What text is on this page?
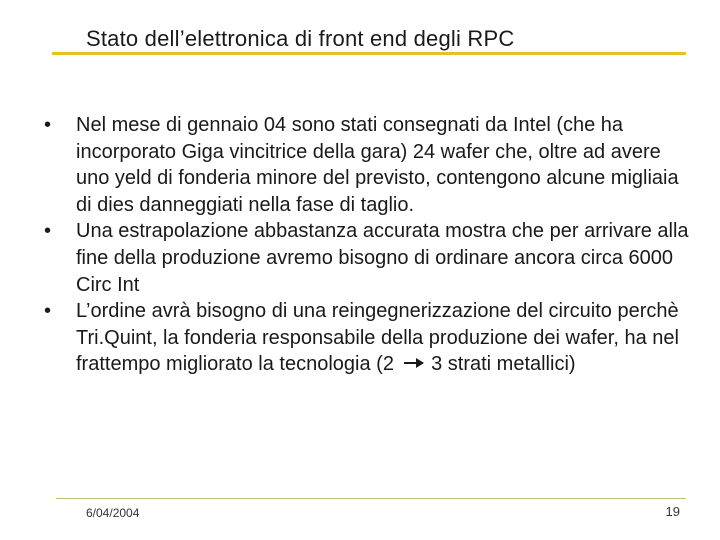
Stato dell’elettronica di front end degli RPC
• Nel mese di gennaio 04 sono stati consegnati da Intel (che ha incorporato Giga vincitrice della gara) 24 wafer che, oltre ad avere uno yeld di fonderia minore del previsto, contengono alcune migliaia di dies danneggiati nella fase di taglio.
• Una estrapolazione abbastanza accurata mostra che per arrivare alla fine della produzione avremo bisogno di ordinare ancora circa 6000 Circ Int
• L’ordine avrà bisogno di una reingegnerizzazione del circuito perchè Tri.Quint, la fonderia responsabile della produzione dei wafer, ha nel frattempo migliorato la tecnologia (2 3 strati metallici)
6/04/2004	19
